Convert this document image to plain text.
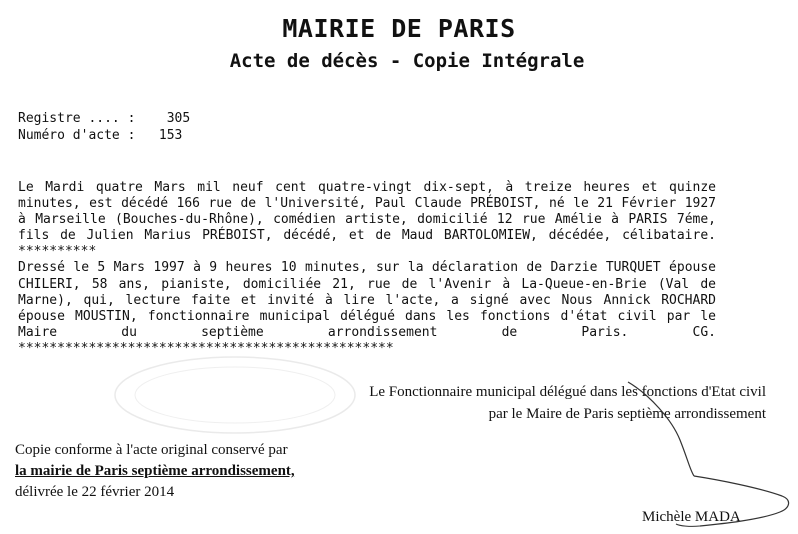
MAIRIE DE PARIS
Acte de décès - Copie Intégrale
Registre .... :    305
Numéro d'acte :   153

Le Mardi quatre Mars mil neuf cent quatre-vingt dix-sept, à treize heures et quinze minutes, est décédé 166 rue de l'Université, Paul Claude PRÉBOIST, né le 21 Février 1927 à Marseille (Bouches-du-Rhône), comédien artiste, domicilié 12 rue Amélie à PARIS 7éme, fils de Julien Marius PRÉBOIST, décédé, et de Maud BARTOLOMIEW, décédée, célibataire. **********

Dressé le 5 Mars 1997 à 9 heures 10 minutes, sur la déclaration de Darzie TURQUET épouse CHILERI, 58 ans, pianiste, domiciliée 21, rue de l'Avenir à La-Queue-en-Brie (Val de Marne), qui, lecture faite et invité à lire l'acte, a signé avec Nous Annick ROCHARD épouse MOUSTIN, fonctionnaire municipal délégué dans les fonctions d'état civil par le Maire du septième arrondissement de Paris. CG. ************************************************

Le Fonctionnaire municipal délégué dans les fonctions d'Etat civil
par le Maire de Paris septième arrondissement
Copie conforme à l'acte original conservé par
la mairie de Paris septième arrondissement,
délivrée le 22 février 2014
Michèle MADA
